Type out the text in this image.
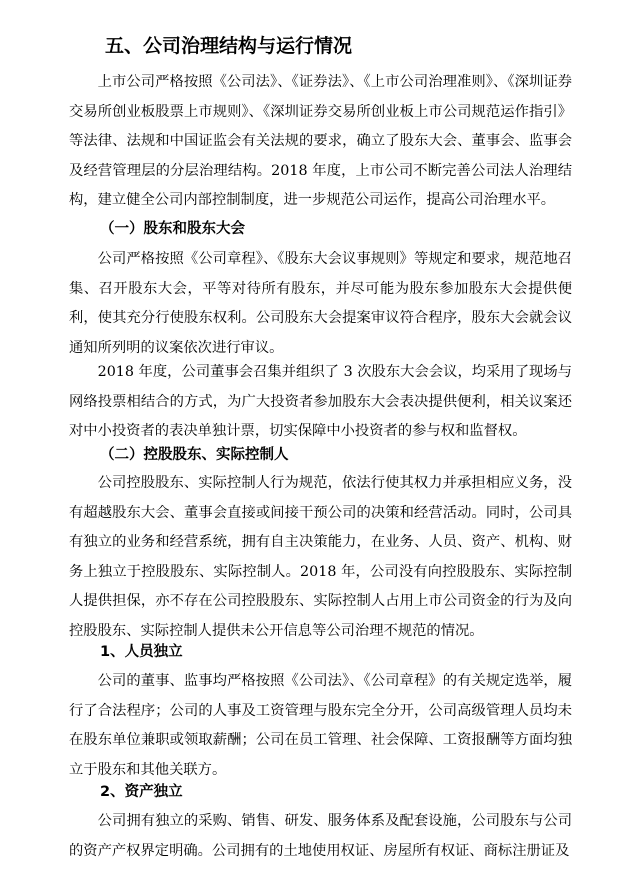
五、公司治理结构与运行情况

上市公司严格按照《公司法》、《证券法》、《上市公司治理准则》、《深圳证券交易所创业板股票上市规则》、《深圳证券交易所创业板上市公司规范运作指引》等法律、法规和中国证监会有关法规的要求，确立了股东大会、董事会、监事会及经营管理层的分层治理结构。2018 年度，上市公司不断完善公司法人治理结构，建立健全公司内部控制制度，进一步规范公司运作，提高公司治理水平。

（一）股东和股东大会

公司严格按照《公司章程》、《股东大会议事规则》等规定和要求，规范地召集、召开股东大会，平等对待所有股东，并尽可能为股东参加股东大会提供便利，使其充分行使股东权利。公司股东大会提案审议符合程序，股东大会就会议通知所列明的议案依次进行审议。

2018 年度，公司董事会召集并组织了 3 次股东大会会议，均采用了现场与网络投票相结合的方式，为广大投资者参加股东大会表决提供便利，相关议案还对中小投资者的表决单独计票，切实保障中小投资者的参与权和监督权。

（二）控股股东、实际控制人

公司控股股东、实际控制人行为规范，依法行使其权力并承担相应义务，没有超越股东大会、董事会直接或间接干预公司的决策和经营活动。同时，公司具有独立的业务和经营系统，拥有自主决策能力，在业务、人员、资产、机构、财务上独立于控股股东、实际控制人。2018 年，公司没有向控股股东、实际控制人提供担保，亦不存在公司控股股东、实际控制人占用上市公司资金的行为及向控股股东、实际控制人提供未公开信息等公司治理不规范的情况。

1、人员独立

公司的董事、监事均严格按照《公司法》、《公司章程》的有关规定选举，履行了合法程序；公司的人事及工资管理与股东完全分开，公司高级管理人员均未在股东单位兼职或领取薪酬；公司在员工管理、社会保障、工资报酬等方面均独立于股东和其他关联方。

2、资产独立

公司拥有独立的采购、销售、研发、服务体系及配套设施，公司股东与公司的资产产权界定明确。公司拥有的土地使用权证、房屋所有权证、商标注册证及
